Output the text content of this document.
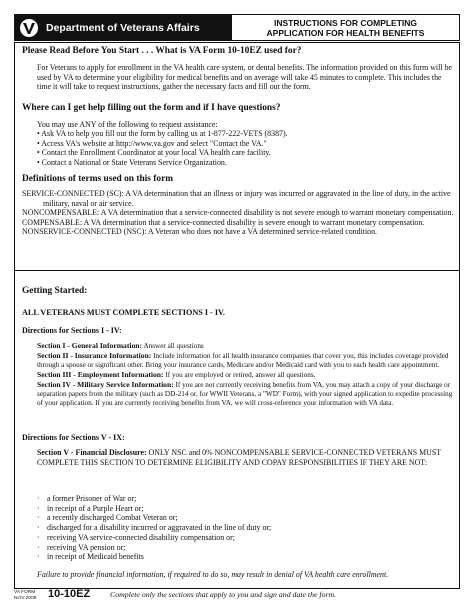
Department of Veterans Affairs	INSTRUCTIONS FOR COMPLETING
APPLICATION FOR HEALTH BENEFITS
Please Read Before You Start . . . What is VA Form 10-10EZ used for?
For Veterans to apply for enrollment in the VA health care system, or dental benefits. The information provided on this form will be used by VA to determine your eligibility for medical benefits and on average will take 45 minutes to complete. This includes the time it will take to request instructions, gather the necessary facts and fill out the form.
Where can I get help filling out the form and if I have questions?
You may use ANY of the following to request assistance:
• Ask VA to help you fill out the form by calling us at 1-877-222-VETS (8387).
• Access VA's website at http://www.va.gov and select "Contact the VA."
• Contact the Enrollment Coordinator at your local VA health care facility.
• Contact a National or State Veterans Service Organization.
Definitions of terms used on this form
SERVICE-CONNECTED (SC): A VA determination that an illness or injury was incurred or aggravated in the line of duty, in the active military, naval or air service.
NONCOMPENSABLE: A VA determination that a service-connected disability is not severe enough to warrant monetary compensation.
COMPENSABLE: A VA determination that a service-connected disability is severe enough to warrant monetary compensation.
NONSERVICE-CONNECTED (NSC): A Veteran who does not have a VA determined service-related condition.
Getting Started:
ALL VETERANS MUST COMPLETE SECTIONS I - IV.
Directions for Sections I - IV:

Section I - General Information: Answer all questions

Section II - Insurance Information: Include information for all health insurance companies that cover you, this includes coverage provided through a spouse or significant other. Bring your insurance cards, Medicare and/or Medicaid card with you to each health care appointment.

Section III - Employment Information: If you are employed or retired, answer all questions.

Section IV - Military Service Information: If you are not currently receiving benefits from VA, you may attach a copy of your discharge or separation papers from the military (such as DD-214 or, for WWII Veterans, a "WD" Form), with your signed application to expedite processing of your application. If you are currently receiving benefits from VA, we will cross-reference your information with VA data.

Directions for Sections V - IX:
Section V - Financial Disclosure: ONLY NSC and 0% NONCOMPENSABLE SERVICE-CONNECTED VETERANS MUST COMPLETE THIS SECTION TO DETERMINE ELIGIBILITY AND COPAY RESPONSIBILITIES IF THEY ARE NOT:
· a former Prisoner of War or;
· in receipt of a Purple Heart or;
· a recently discharged Combat Veteran or;
· discharged for a disability incurred or aggravated in the line of duty or;
· receiving VA service-connected disability compensation or;
· receiving VA pension or;
· in receipt of Medicaid benefits
Failure to provide financial information, if required to do so, may result in denial of VA health care enrollment.
VA FORM
NOV 2009 10-10EZ	Complete only the sections that apply to you and sign and date the form.
